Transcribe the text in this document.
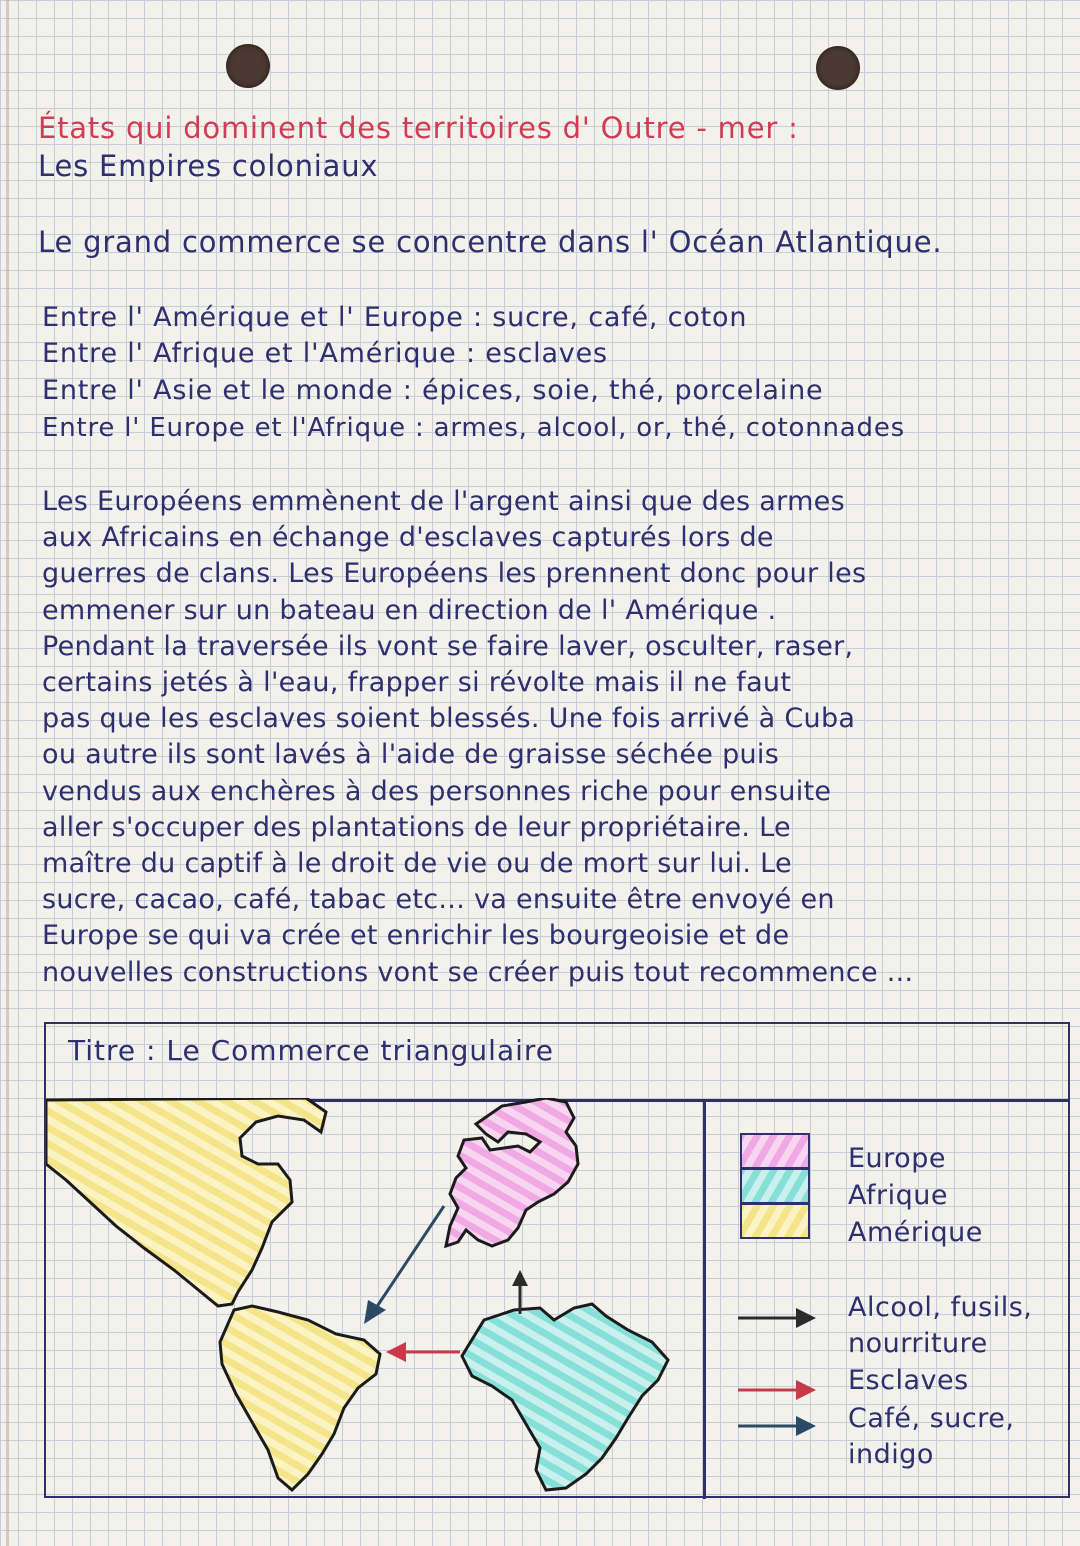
États qui dominent des territoires d' Outre - mer :
Les Empires coloniaux
Le grand commerce se concentre dans l' Océan Atlantique.
Entre l' Amérique et l' Europe : sucre, café, coton
Entre l' Afrique et l'Amérique : esclaves
Entre l' Asie et le monde : épices, soie, thé, porcelaine
Entre l' Europe et l'Afrique : armes, alcool, or, thé, cotonnades
Les Européens emmènent de l'argent ainsi que des armes
aux Africains en échange d'esclaves capturés lors de
guerres de clans. Les Européens les prennent donc pour les
emmener sur un bateau en direction de l' Amérique .
Pendant la traversée ils vont se faire laver, osculter, raser,
certains jetés à l'eau, frapper si révolte mais il ne faut
pas que les esclaves soient blessés. Une fois arrivé à Cuba
ou autre ils sont lavés à l'aide de graisse séchée puis
vendus aux enchères à des personnes riche pour ensuite
aller s'occuper des plantations de leur propriétaire. Le
maître du captif à le droit de vie ou de mort sur lui. Le
sucre, cacao, café, tabac etc... va ensuite être envoyé en
Europe se qui va crée et enrichir les bourgeoisie et de
nouvelles constructions vont se créer puis tout recommence ...
Titre : Le Commerce triangulaire
Europe
Afrique
Amérique
Alcool, fusils,
nourriture
Esclaves
Café, sucre,
indigo
